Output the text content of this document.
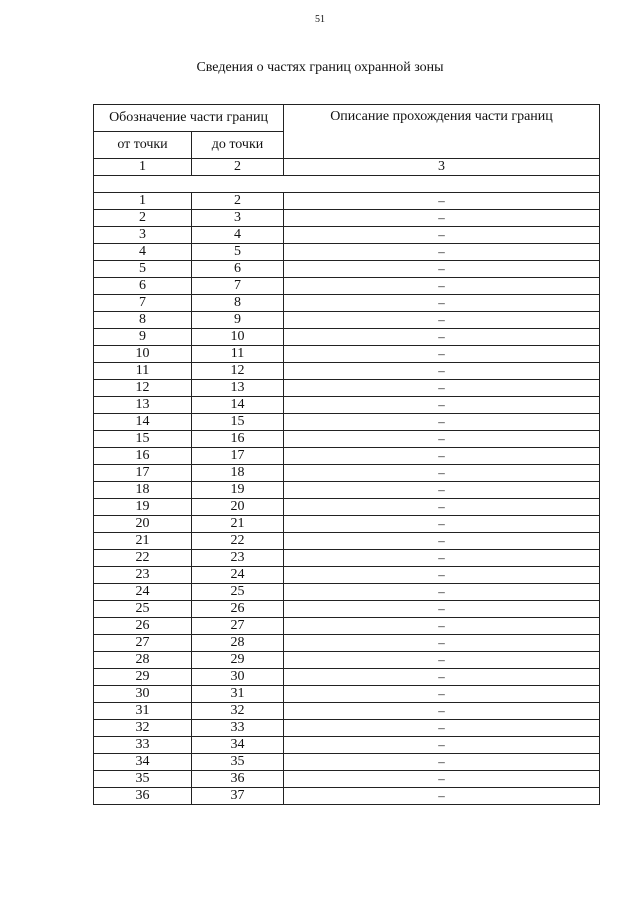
51
Сведения о частях границ охранной зоны
Обозначение части границ		Описание прохождения части границ
от точки	до точки	
1	2	3

1	2	–
2	3	–
3	4	–
4	5	–
5	6	–
6	7	–
7	8	–
8	9	–
9	10	–
10	11	–
11	12	–
12	13	–
13	14	–
14	15	–
15	16	–
16	17	–
17	18	–
18	19	–
19	20	–
20	21	–
21	22	–
22	23	–
23	24	–
24	25	–
25	26	–
26	27	–
27	28	–
28	29	–
29	30	–
30	31	–
31	32	–
32	33	–
33	34	–
34	35	–
35	36	–
36	37	–
